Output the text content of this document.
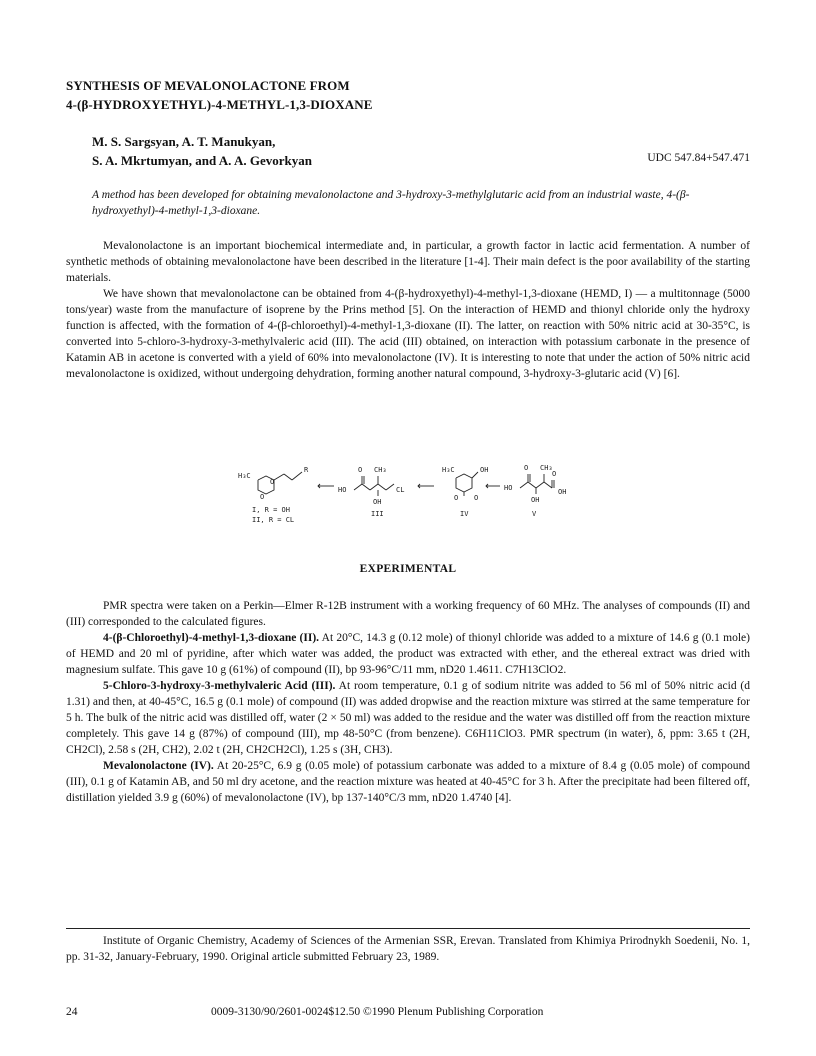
SYNTHESIS OF MEVALONOLACTONE FROM
4-(β-HYDROXYETHYL)-4-METHYL-1,3-DIOXANE
M. S. Sargsyan, A. T. Manukyan,
S. A. Mkrtumyan, and A. A. Gevorkyan	UDC 547.84+547.471
A method has been developed for obtaining mevalonolactone and 3-hydroxy-3-methylglutaric acid from an industrial waste, 4-(β-hydroxyethyl)-4-methyl-1,3-dioxane.

Mevalonolactone is an important biochemical intermediate and, in particular, a growth factor in lactic acid fermentation. A number of synthetic methods of obtaining mevalonolactone have been described in the literature [1-4]. Their main defect is the poor availability of the starting materials.

We have shown that mevalonolactone can be obtained from 4-(β-hydroxyethyl)-4-methyl-1,3-dioxane (HEMD, I) — a multitonnage (5000 tons/year) waste from the manufacture of isoprene by the Prins method [5]. On the interaction of HEMD and thionyl chloride only the hydroxy function is affected, with the formation of 4-(β-chloroethyl)-4-methyl-1,3-dioxane (II). The latter, on reaction with 50% nitric acid at 30-35°C, is converted into 5-chloro-3-hydroxy-3-methylvaleric acid (III). The acid (III) obtained, on interaction with potassium carbonate in the presence of Katamin AB in acetone is converted with a yield of 60% into mevalonolactone (IV). It is interesting to note that under the action of 50% nitric acid mevalonolactone is oxidized, without undergoing dehydration, forming another natural compound, 3-hydroxy-3-glutaric acid (V) [6].

H₃C
R
O
O
I, R = OH
II, R = CL
O CH₃
HO
OH
CL
III
H₃C	OH
O O
IV
O CH₃
O
HO
OH
OH
V
EXPERIMENTAL

PMR spectra were taken on a Perkin—Elmer R-12B instrument with a working frequency of 60 MHz. The analyses of compounds (II) and (III) corresponded to the calculated figures.

4-(β-Chloroethyl)-4-methyl-1,3-dioxane (II). At 20°C, 14.3 g (0.12 mole) of thionyl chloride was added to a mixture of 14.6 g (0.1 mole) of HEMD and 20 ml of pyridine, after which water was added, the product was extracted with ether, and the ethereal extract was dried with magnesium sulfate. This gave 10 g (61%) of compound (II), bp 93-96°C/11 mm, nD20 1.4611. C7H13ClO2.

5-Chloro-3-hydroxy-3-methylvaleric Acid (III). At room temperature, 0.1 g of sodium nitrite was added to 56 ml of 50% nitric acid (d 1.31) and then, at 40-45°C, 16.5 g (0.1 mole) of compound (II) was added dropwise and the reaction mixture was stirred at the same temperature for 5 h. The bulk of the nitric acid was distilled off, water (2 × 50 ml) was added to the residue and the water was distilled off from the reaction mixture completely. This gave 14 g (87%) of compound (III), mp 48-50°C (from benzene). C6H11ClO3. PMR spectrum (in water), δ, ppm: 3.65 t (2H, CH2Cl), 2.58 s (2H, CH2), 2.02 t (2H, CH2CH2Cl), 1.25 s (3H, CH3).

Mevalonolactone (IV). At 20-25°C, 6.9 g (0.05 mole) of potassium carbonate was added to a mixture of 8.4 g (0.05 mole) of compound (III), 0.1 g of Katamin AB, and 50 ml dry acetone, and the reaction mixture was heated at 40-45°C for 3 h. After the precipitate had been filtered off, distillation yielded 3.9 g (60%) of mevalonolactone (IV), bp 137-140°C/3 mm, nD20 1.4740 [4].

Institute of Organic Chemistry, Academy of Sciences of the Armenian SSR, Erevan. Translated from Khimiya Prirodnykh Soedenii, No. 1, pp. 31-32, January-February, 1990. Original article submitted February 23, 1989.

24	0009-3130/90/2601-0024$12.50 ©1990 Plenum Publishing Corporation
